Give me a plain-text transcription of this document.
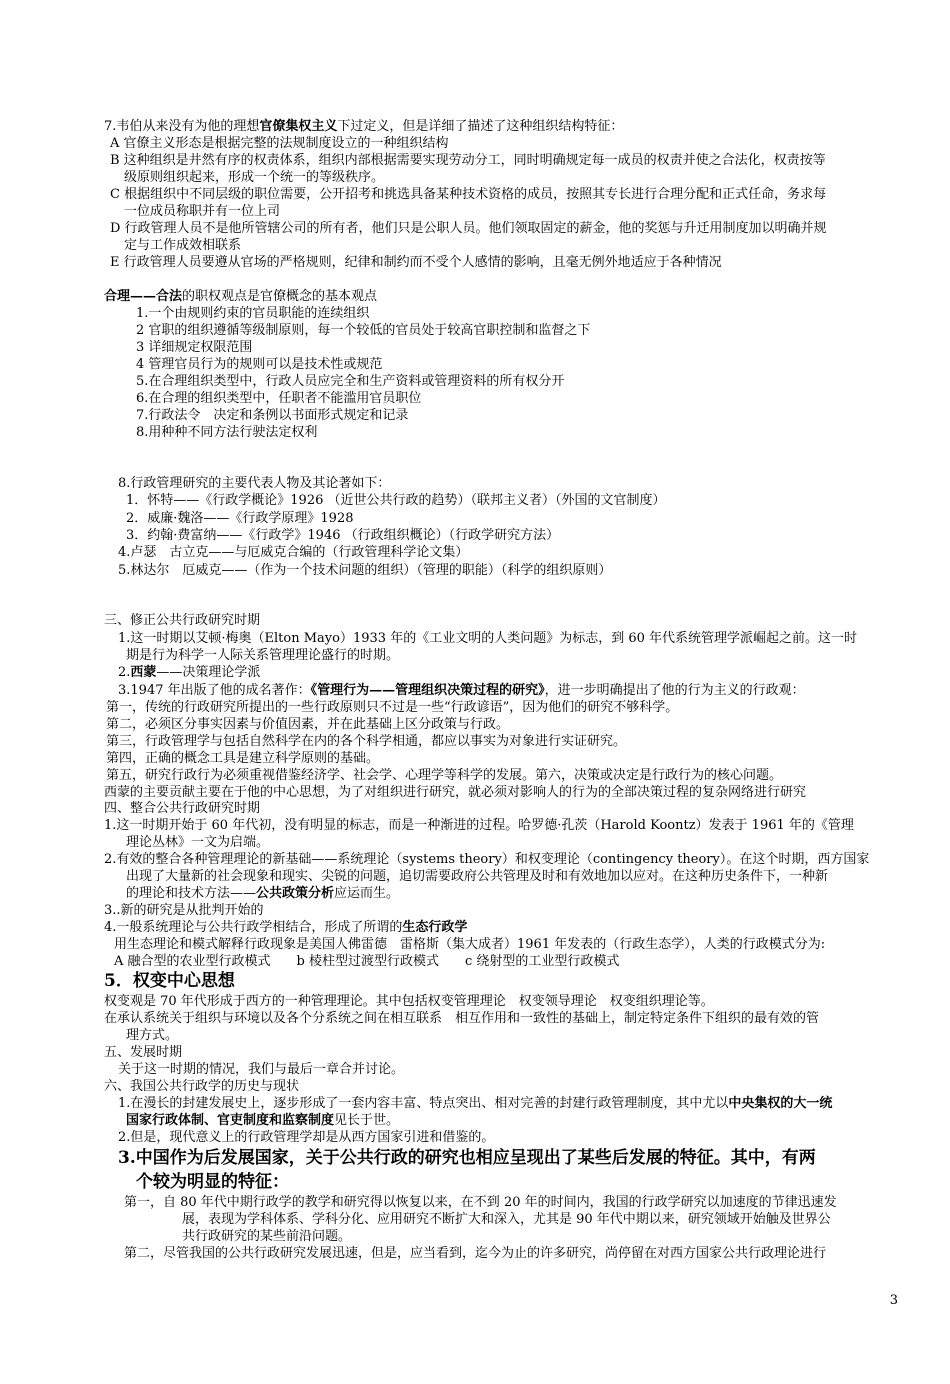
7.韦伯从来没有为他的理想官僚集权主义下过定义，但是详细了描述了这种组织结构特征：
A 官僚主义形态是根据完整的法规制度设立的一种组织结构
B 这种组织是井然有序的权责体系，组织内部根据需要实现劳动分工，同时明确规定每一成员的权责并使之合法化，权责按等
级原则组织起来，形成一个统一的等级秩序。
C 根据组织中不同层级的职位需要，公开招考和挑选具备某种技术资格的成员，按照其专长进行合理分配和正式任命，务求每
一位成员称职并有一位上司
D 行政管理人员不是他所管辖公司的所有者，他们只是公职人员。他们领取固定的薪金，他的奖惩与升迁用制度加以明确并规
定与工作成效相联系
E 行政管理人员要遵从官场的严格规则，纪律和制约而不受个人感情的影响，且毫无例外地适应于各种情况
合理——合法的职权观点是官僚概念的基本观点
1.一个由规则约束的官员职能的连续组织
2 官职的组织遵循等级制原则，每一个较低的官员处于较高官职控制和监督之下
3 详细规定权限范围
4 管理官员行为的规则可以是技术性或规范
5.在合理组织类型中，行政人员应完全和生产资料或管理资料的所有权分开
6.在合理的组织类型中，任职者不能滥用官员职位
7.行政法令　决定和条例以书面形式规定和记录
8.用种种不同方法行驶法定权利
8.行政管理研究的主要代表人物及其论著如下：
1．怀特——《行政学概论》1926 （近世公共行政的趋势）（联邦主义者）（外国的文官制度）
2．威廉·魏洛——《行政学原理》1928
3．约翰·费富纳——《行政学》1946 （行政组织概论）（行政学研究方法）
4.卢瑟　古立克——与厄威克合编的（行政管理科学论文集）
5.林达尔　厄威克——（作为一个技术问题的组织）（管理的职能）（科学的组织原则）
三、修正公共行政研究时期
1.这一时期以艾顿·梅奥（Elton Mayo）1933 年的《工业文明的人类问题》为标志，到 60 年代系统管理学派崛起之前。这一时
期是行为科学一人际关系管理理论盛行的时期。
2.西蒙——决策理论学派
3.1947 年出版了他的成名著作：《管理行为——管理组织决策过程的研究》，进一步明确提出了他的行为主义的行政观：
第一，传统的行政研究所提出的一些行政原则只不过是一些“行政谚语”，因为他们的研究不够科学。
第二，必须区分事实因素与价值因素，并在此基础上区分政策与行政。
第三，行政管理学与包括自然科学在内的各个科学相通，都应以事实为对象进行实证研究。
第四，正确的概念工具是建立科学原则的基础。
第五，研究行政行为必须重视借鉴经济学、社会学、心理学等科学的发展。第六，决策或决定是行政行为的核心问题。
西蒙的主要贡献主要在于他的中心思想，为了对组织进行研究，就必须对影响人的行为的全部决策过程的复杂网络进行研究
四、整合公共行政研究时期
1.这一时期开始于 60 年代初，没有明显的标志，而是一种渐进的过程。哈罗德·孔茨（Harold Koontz）发表于 1961 年的《管理
理论丛林》一文为启端。
2.有效的整合各种管理理论的新基础——系统理论（systems theory）和权变理论（contingency theory）。在这个时期，西方国家
出现了大量新的社会现象和现实、尖锐的问题，追切需要政府公共管理及时和有效地加以应对。在这种历史条件下，一种新
的理论和技术方法——公共政策分析应运而生。
3..新的研究是从批判开始的
4.一般系统理论与公共行政学相结合，形成了所谓的生态行政学
用生态理论和模式解释行政现象是美国人佛雷德　雷格斯（集大成者）1961 年发表的（行政生态学），人类的行政模式分为:
A 融合型的农业型行政模式　　b 棱柱型过渡型行政模式　　c 绕射型的工业型行政模式
5．权变中心思想
权变观是 70 年代形成于西方的一种管理理论。其中包括权变管理理论　权变领导理论　权变组织理论等。
在承认系统关于组织与环境以及各个分系统之间在相互联系　相互作用和一致性的基础上，制定特定条件下组织的最有效的管
理方式。
五、发展时期
关于这一时期的情况，我们与最后一章合并讨论。
六、我国公共行政学的历史与现状
1.在漫长的封建发展史上，逐步形成了一套内容丰富、特点突出、相对完善的封建行政管理制度，其中尤以中央集权的大一统
国家行政体制、官吏制度和监察制度见长于世。
2.但是，现代意义上的行政管理学却是从西方国家引进和借鉴的。
3.中国作为后发展国家，关于公共行政的研究也相应呈现出了某些后发展的特征。其中，有两
个较为明显的特征：
第一，自 80 年代中期行政学的教学和研究得以恢复以来，在不到 20 年的时间内，我国的行政学研究以加速度的节律迅速发
展，表现为学科体系、学科分化、应用研究不断扩大和深入，尤其是 90 年代中期以来，研究领域开始触及世界公
共行政研究的某些前沿问题。
第二，尽管我国的公共行政研究发展迅速，但是，应当看到，迄今为止的许多研究，尚停留在对西方国家公共行政理论进行
3
